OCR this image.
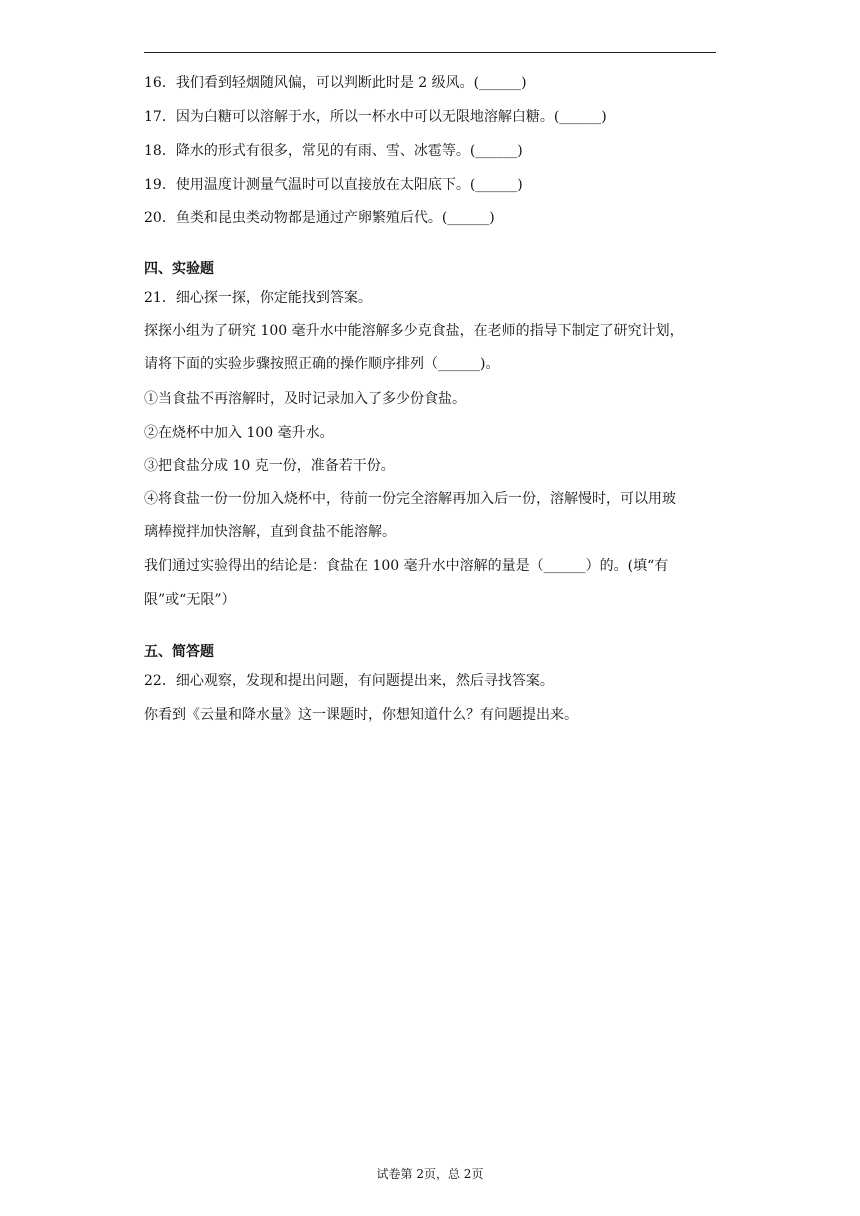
16．我们看到轻烟随风偏，可以判断此时是 2 级风。(______)
17．因为白糖可以溶解于水，所以一杯水中可以无限地溶解白糖。(______)
18．降水的形式有很多，常见的有雨、雪、冰雹等。(______)
19．使用温度计测量气温时可以直接放在太阳底下。(______)
20．鱼类和昆虫类动物都是通过产卵繁殖后代。(______)
四、实验题
21．细心探一探，你定能找到答案。
探探小组为了研究 100 毫升水中能溶解多少克食盐，在老师的指导下制定了研究计划，
请将下面的实验步骤按照正确的操作顺序排列（______)。
①当食盐不再溶解时，及时记录加入了多少份食盐。
②在烧杯中加入 100 毫升水。
③把食盐分成 10 克一份，准备若干份。
④将食盐一份一份加入烧杯中，待前一份完全溶解再加入后一份，溶解慢时，可以用玻
璃棒搅拌加快溶解，直到食盐不能溶解。
我们通过实验得出的结论是：食盐在 100 毫升水中溶解的量是（______）的。(填“有
限”或“无限”）
五、简答题
22．细心观察，发现和提出问题，有问题提出来，然后寻找答案。
你看到《云量和降水量》这一课题时，你想知道什么？有问题提出来。
试卷第 2页，总 2页
